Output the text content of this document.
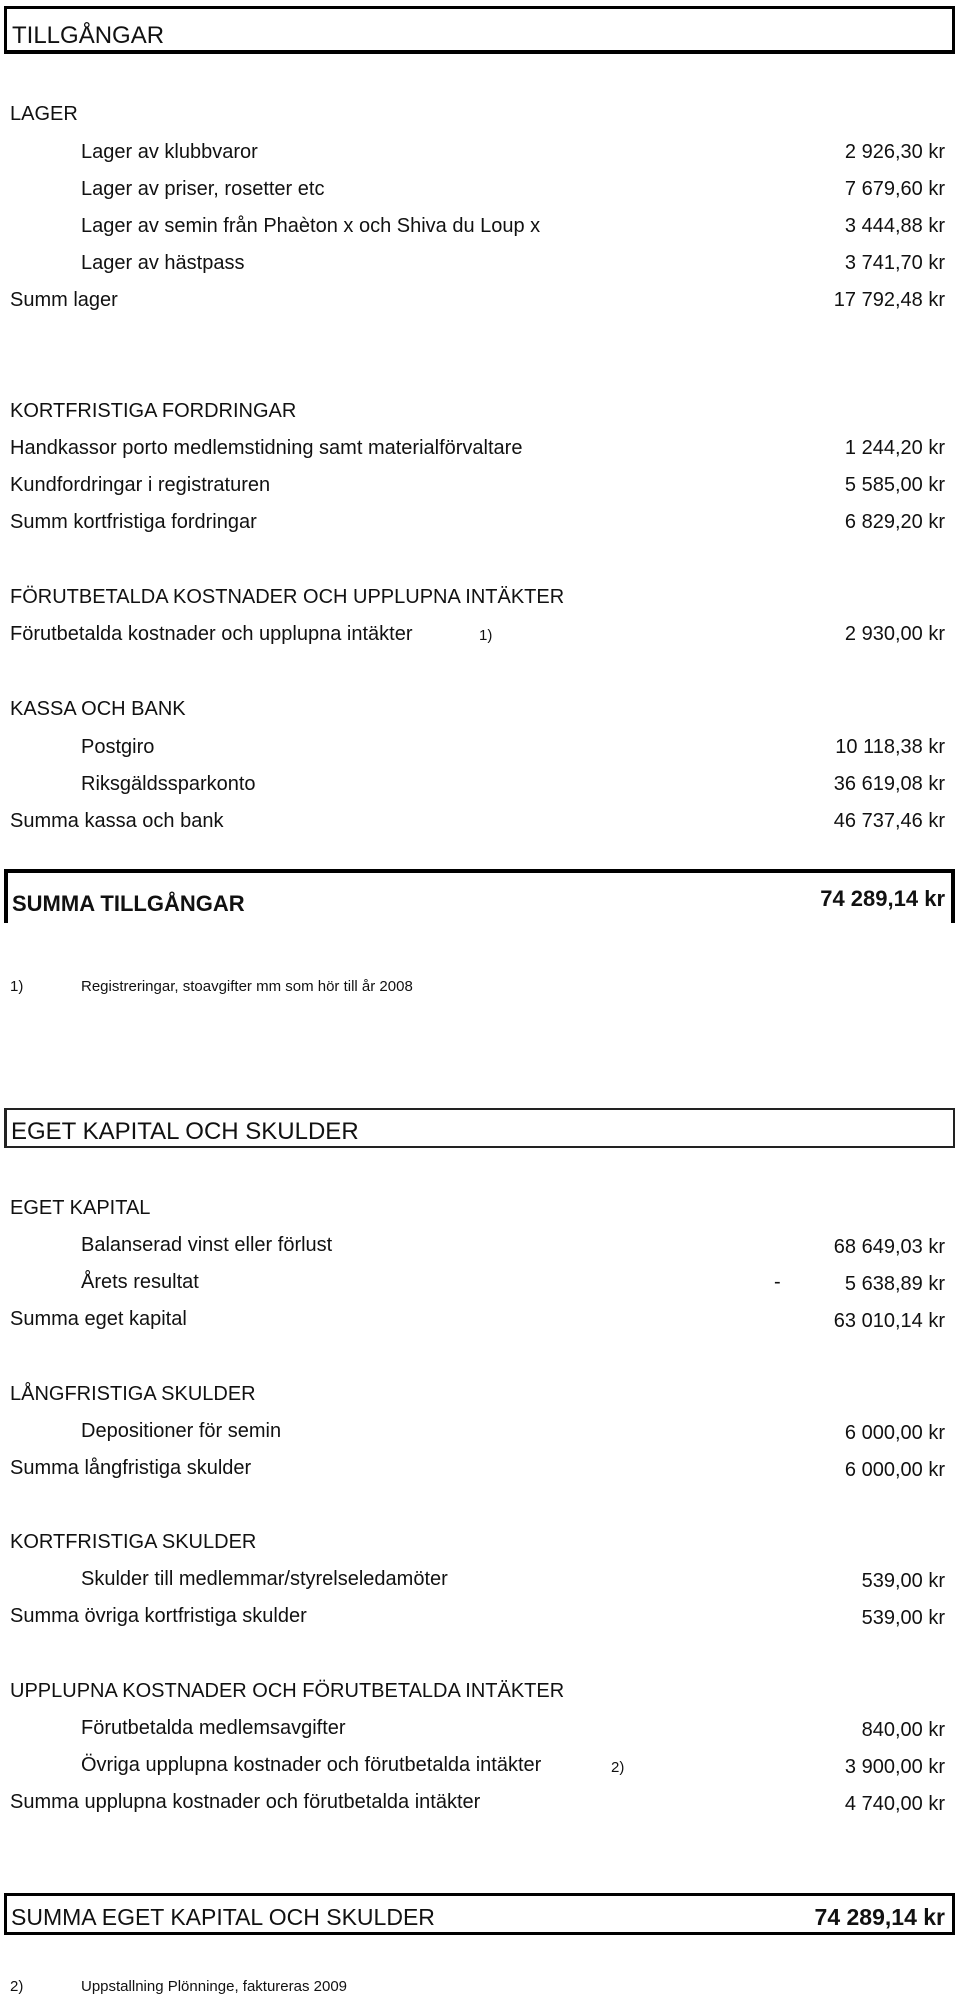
TILLGÅNGAR
LAGER
Lager av klubbvaror	2 926,30 kr
Lager av priser, rosetter etc	7 679,60 kr
Lager av semin från Phaèton x och Shiva du Loup x	3 444,88 kr
Lager av hästpass	3 741,70 kr
Summ lager	17 792,48 kr
KORTFRISTIGA FORDRINGAR
Handkassor porto medlemstidning samt materialförvaltare	1 244,20 kr
Kundfordringar i registraturen	5 585,00 kr
Summ kortfristiga fordringar	6 829,20 kr
FÖRUTBETALDA KOSTNADER OCH UPPLUPNA INTÄKTER
Förutbetalda kostnader och upplupna intäkter	1)	2 930,00 kr
KASSA OCH BANK
Postgiro	10 118,38 kr
Riksgäldssparkonto	36 619,08 kr
Summa kassa och bank	46 737,46 kr
SUMMA TILLGÅNGAR	74 289,14 kr
1)	Registreringar, stoavgifter mm som hör till år 2008
EGET KAPITAL OCH SKULDER
EGET KAPITAL
Balanserad vinst eller förlust	68 649,03 kr
Årets resultat	-	5 638,89 kr
Summa eget kapital	63 010,14 kr
LÅNGFRISTIGA SKULDER
Depositioner för semin	6 000,00 kr
Summa långfristiga skulder	6 000,00 kr
KORTFRISTIGA SKULDER
Skulder till medlemmar/styrelseledamöter	539,00 kr
Summa övriga kortfristiga skulder	539,00 kr
UPPLUPNA KOSTNADER OCH FÖRUTBETALDA INTÄKTER
Förutbetalda medlemsavgifter	840,00 kr
Övriga upplupna kostnader och förutbetalda intäkter	2)	3 900,00 kr
Summa upplupna kostnader och förutbetalda intäkter	4 740,00 kr
SUMMA EGET KAPITAL OCH SKULDER	74 289,14 kr
2)	Uppstallning Plönninge, faktureras 2009
